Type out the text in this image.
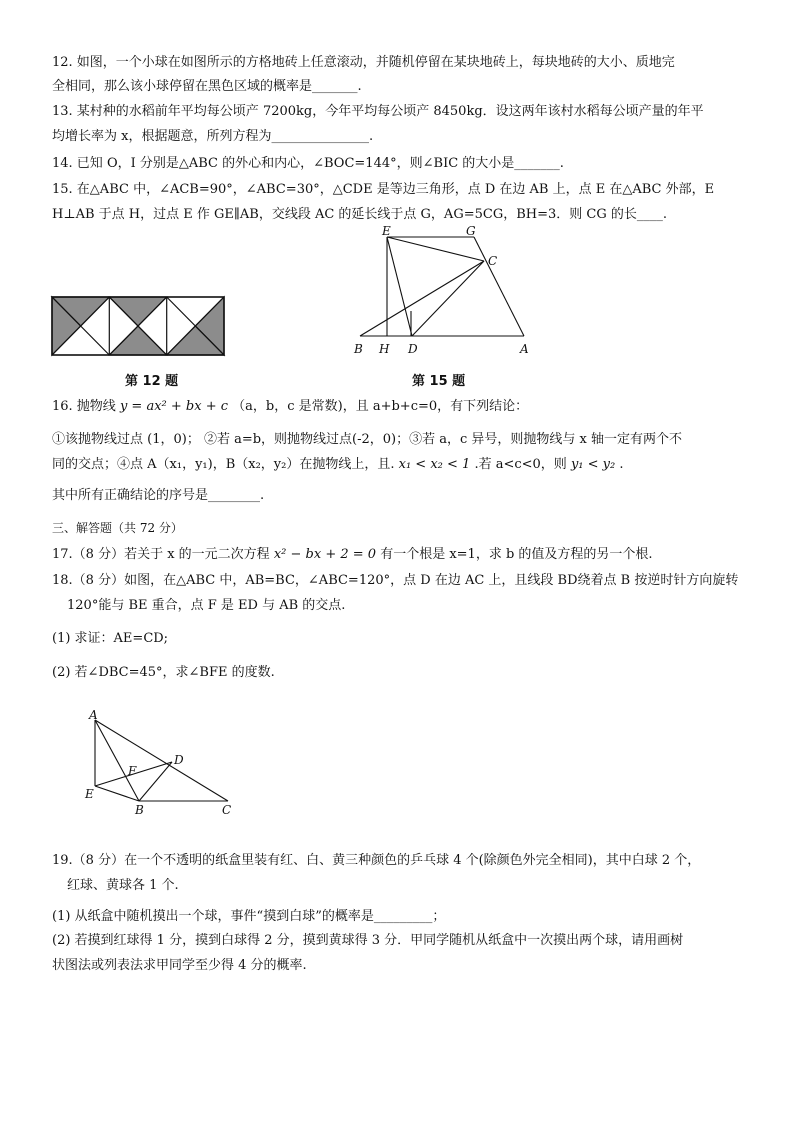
12. 如图，一个小球在如图所示的方格地砖上任意滚动，并随机停留在某块地砖上，每块地砖的大小、质地完
全相同，那么该小球停留在黑色区域的概率是_______.
13. 某村种的水稻前年平均每公顷产 7200kg，今年平均每公顷产 8450kg．设这两年该村水稻每公顷产量的年平
均增长率为 x，根据题意，所列方程为_______________.
14. 已知 O，I 分别是△ABC 的外心和内心，∠BOC=144°，则∠BIC 的大小是_______.
15. 在△ABC 中，∠ACB=90°，∠ABC=30°，△CDE 是等边三角形，点 D 在边 AB 上，点 E 在△ABC 外部，E
H⊥AB 于点 H，过点 E 作 GE∥AB，交线段 AC 的延长线于点 G，AG=5CG，BH=3．则 CG 的长____.
第 12 题
E	G
C
B H D	A
第 15 题
16. 抛物线 y = ax² + bx + c （a，b，c 是常数)，且 a+b+c=0，有下列结论：
①该抛物线过点 (1，0)； ②若 a=b，则抛物线过点(-2，0)；③若 a，c 异号，则抛物线与 x 轴一定有两个不
同的交点；④点 A（x₁，y₁)，B（x₂，y₂）在抛物线上，且. x₁ < x₂ < 1 .若 a<c<0，则 y₁ < y₂ .
其中所有正确结论的序号是________.
三、解答题（共 72 分）
17.（8 分）若关于 x 的一元二次方程 x² − bx + 2 = 0 有一个根是 x=1，求 b 的值及方程的另一个根.
18.（8 分）如图，在△ABC 中，AB=BC，∠ABC=120°，点 D 在边 AC 上，且线段 BD绕着点 B 按逆时针方向旋转
120°能与 BE 重合，点 F 是 ED 与 AB 的交点.
(1) 求证：AE=CD;
(2) 若∠DBC=45°，求∠BFE 的度数.
A
D
F
E
B	C
19.（8 分）在一个不透明的纸盒里装有红、白、黄三种颜色的乒乓球 4 个(除颜色外完全相同)，其中白球 2 个，
红球、黄球各 1 个.
(1) 从纸盒中随机摸出一个球，事件“摸到白球”的概率是_________；
(2) 若摸到红球得 1 分，摸到白球得 2 分，摸到黄球得 3 分．甲同学随机从纸盒中一次摸出两个球，请用画树
状图法或列表法求甲同学至少得 4 分的概率.
